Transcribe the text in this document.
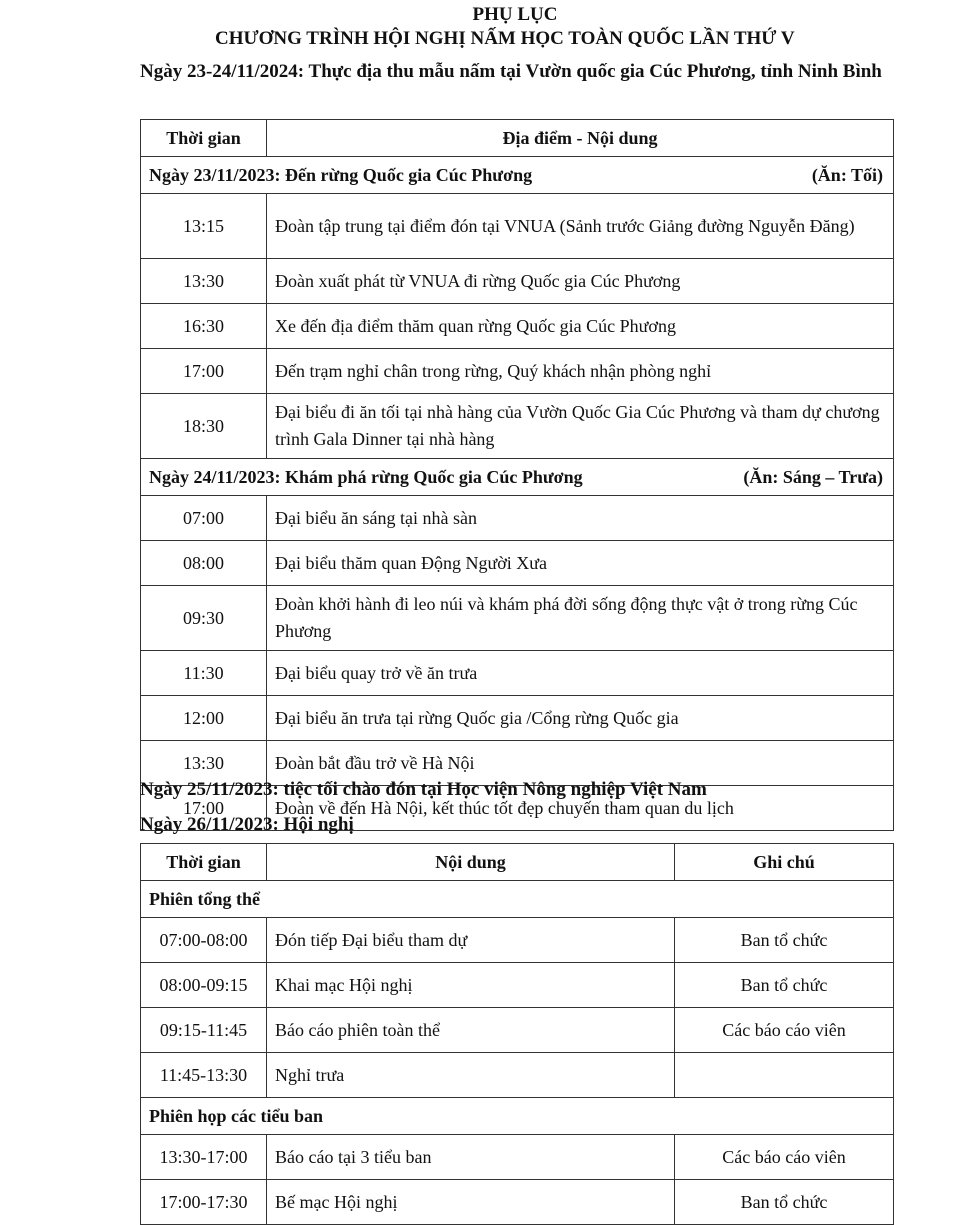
PHỤ LỤC
CHƯƠNG TRÌNH HỘI NGHỊ NẤM HỌC TOÀN QUỐC LẦN THỨ V
Ngày 23-24/11/2024: Thực địa thu mẫu nấm tại Vườn quốc gia Cúc Phương, tỉnh Ninh Bình
Thời gian	Địa điểm - Nội dung
Ngày 23/11/2023: Đến rừng Quốc gia Cúc Phương (Ăn: Tối)	

13:15	Đoàn tập trung tại điểm đón tại VNUA (Sảnh trước Giảng đường Nguyễn Đăng)
13:30	Đoàn xuất phát từ VNUA đi rừng Quốc gia Cúc Phương
16:30	Xe đến địa điểm thăm quan rừng Quốc gia Cúc Phương
17:00	Đến trạm nghỉ chân trong rừng, Quý khách nhận phòng nghỉ
18:30	Đại biểu đi ăn tối tại nhà hàng của Vườn Quốc Gia Cúc Phương và tham dự chương trình Gala Dinner tại nhà hàng
Ngày 24/11/2023: Khám phá rừng Quốc gia Cúc Phương (Ăn: Sáng – Trưa)	

07:00	Đại biểu ăn sáng tại nhà sàn
08:00	Đại biểu thăm quan Động Người Xưa
09:30	Đoàn khởi hành đi leo núi và khám phá đời sống động thực vật ở trong rừng Cúc Phương
11:30	Đại biểu quay trở về ăn trưa
12:00	Đại biểu ăn trưa tại rừng Quốc gia /Cổng rừng Quốc gia
13:30	Đoàn bắt đầu trở về Hà Nội
17:00	Đoàn về đến Hà Nội, kết thúc tốt đẹp chuyến tham quan du lịch
Ngày 25/11/2023: tiệc tối chào đón tại Học viện Nông nghiệp Việt Nam
Ngày 26/11/2023: Hội nghị
Thời gian	Nội dung	Ghi chú
Phiên tổng thể		
07:00-08:00	Đón tiếp Đại biểu tham dự	Ban tổ chức
08:00-09:15	Khai mạc Hội nghị	Ban tổ chức
09:15-11:45	Báo cáo phiên toàn thể	Các báo cáo viên
11:45-13:30	Nghỉ trưa	
Phiên họp các tiểu ban		
13:30-17:00	Báo cáo tại 3 tiểu ban	Các báo cáo viên
17:00-17:30	Bế mạc Hội nghị	Ban tổ chức
